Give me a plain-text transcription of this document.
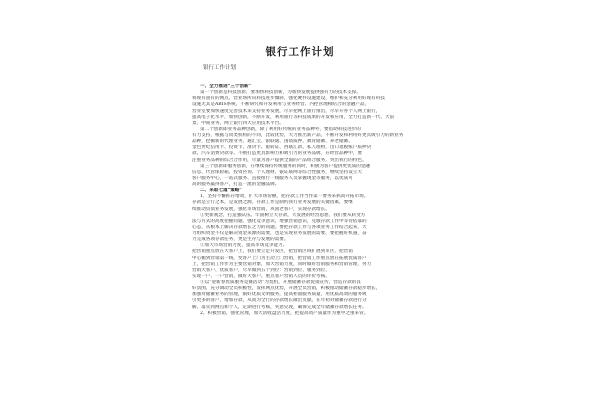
银行工作计划
银行工作计划
一、全力推进“三个创新”
第一个创新是科技创新，要加快科技创新，为加快发展提供强有力的技术支撑。
将现有固有的网点、营业场所向科技进步倾斜，强化硬件设施建设，维护和充分利用好现有科技
设施尤其是ABIS系统，不断研究和开发利用与业务经营、内控管理相结合的金融产品，
营业室要加快速度完善技术来支持业务发展，尽早把网上银行推出，尽早开办个人网上银行，
提高电子化水平，加快创新，不断开发，利用银行等科技成果的开发和应用，全力打造新一代、大前
景、中间业务、网上银行四大应用技术平台。
第二个创新即业务品种创新，除了利用好传统的业务品种外，要借助科技进步的
有力支持，根据与同类机构的不同，比较优势，大力推出新产品，不断开发和利用好更具吸引力的新业务
品种，挖掘新的代理业务，通汇宝、银联通、国债质押、教育储蓄、养老储蓄、
金色世纪信用卡、投资卡、准贷卡、银转证、西联汇款、私人理财，出口退税账户质押贷
款、汽车消费贷款等。不断打造更具影响力和吸引力的业务品牌，在经营品种中，要
注重业务品种的综合合作用，尽量为客户提供全面的产品组合服务，突出我行的特色。
第三个创新即服务创新，在继续保持传统服务的同时，积极为客户提供更优质的金融
信息、代管保险箱、投资咨询、个人理财、银证联网等综合性服务，继续坚持设立大
客户服务中心，一站式服务、直接推行一线服务人员掌握现金等服务，以优质可
高的服务赢得客户，打造一流的金融品牌。
二、采取七道“策略”
1、坚持不懈抓存增效，扩大市场份额，把存款工作当作第一要务来抓而开拓市场。
存款是立行之本，是发展之源，存款工作是制约我行业务发展的关键因素，要继
续推动负债业务发展，强化市场营销，巩固老客户，实现存款增长。
①更新观念，打造强队伍。牢固树立大存款，大发展的经营思想，我们要从转变方
法与方式的高度把握问题，强化竞争意识，增强营销意识，克服存款工作中等待依靠的
心态，从根本上解决存款增长乏力的问题。要把存款工作与各项业务工作结合起来，大
力组织资金不仅是解决资金来源的需要，也是实现业务发展的需要，要把握好机遇，奋
力完成各项存款任务，更是生存与发展的需要。
②加大市场营销力度，提高市场竞争能力。
把营销重点放在大客户上，我们要立足开发区，把营销区域扩展到市区，把营销
中心搬到营销第一线，变客户上门为主动上门营销，把营销工作重点放在拓展优质客户
上，把营销工作作为主要营销对象，加大营销力度，同时做好营销服务和营销管理，努力
营销大客户、优质客户，尽早做到五个到位：营销到位、服务到位、
实现一户、一户营销，做好大客户、重点客户营销人员的评价考核。
③以“迎新春优质服务竞赛活动”为契机，开展储蓄存款促销宣传，营造存款的良
好氛围，充分调动全员积极性，发挥网点优势，开展全员营销，积极推动储蓄存款稳步增长，
加强对储蓄业务的管理，搞好优质文明服务，提高柜面服务质量，用优质高效的服务吸
引更多的客户，增加存款，从而为全行的存款增长做出贡献。在年初对储蓄存款进行分
解，落实到网点和个人，定期进行考核，奖惩兑现，确保完成全年储蓄存款增长任务。
2、积极营销，强化管理，加大清收盘活力度，把提高资产质量作为重中之重来管。
